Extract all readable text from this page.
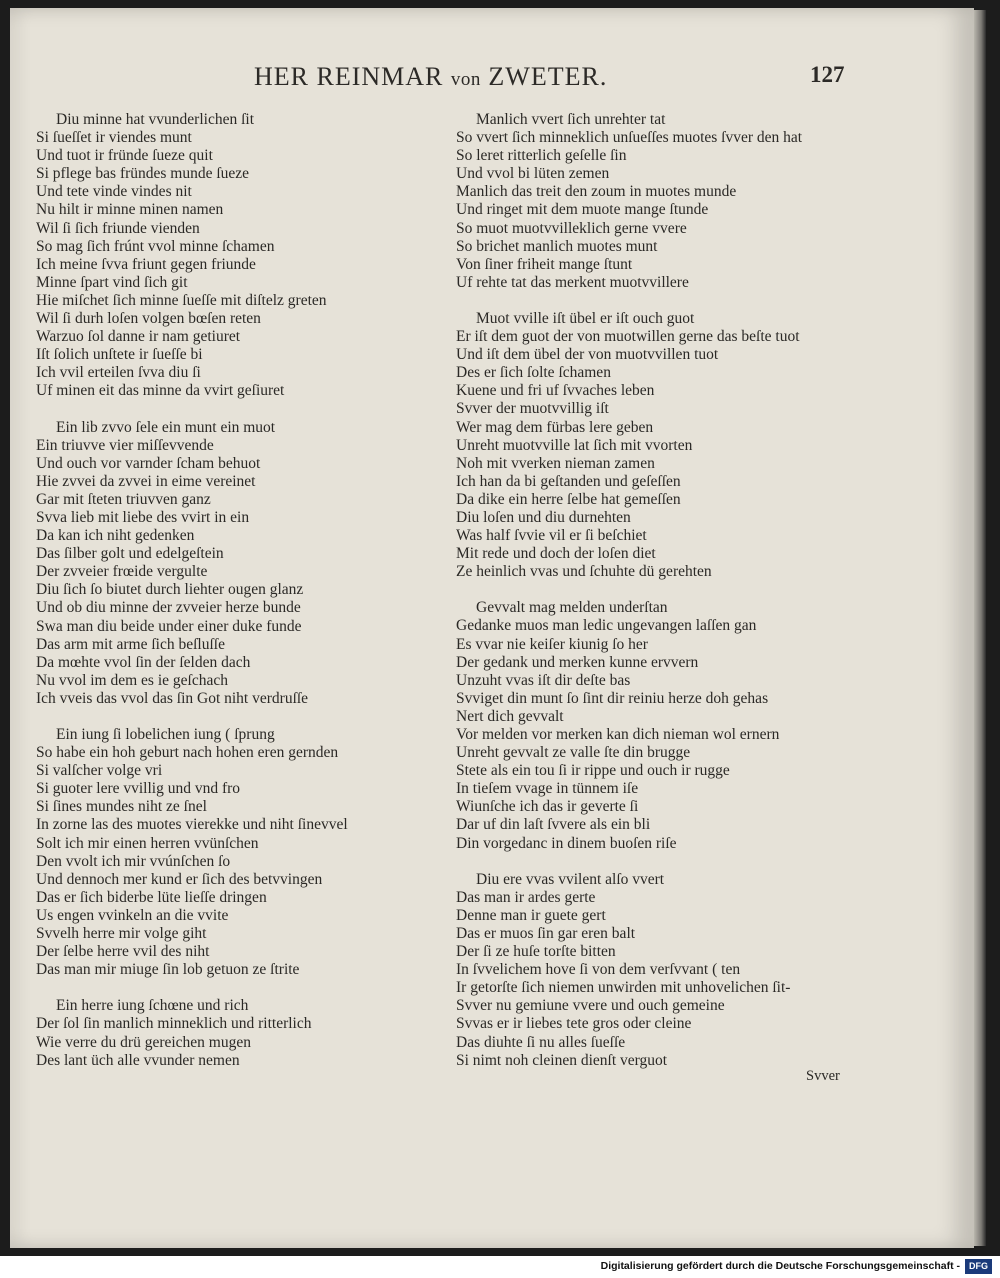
HER REINMAR von ZWETER.	127
Diu minne hat vvunderlichen ſit
Si ſueſſet ir viendes munt
Und tuot ir fründe ſueze quit
Si pflege bas fründes munde ſueze
Und tete vinde vindes nit
Nu hilt ir minne minen namen
Wil ſi ſich friunde vienden
So mag ſich frúnt vvol minne ſchamen
Ich meine ſvva friunt gegen friunde
Minne ſpart vind ſich git
Hie miſchet ſich minne ſueſſe mit diſtelz greten
Wil ſi durh loſen volgen bœſen reten
Warzuo ſol danne ir nam getiuret
Iſt ſolich unſtete ir ſueſſe bi
Ich vvil erteilen ſvva diu ſi
Uf minen eit das minne da vvirt geſiuret
Ein lib zvvo ſele ein munt ein muot
Ein triuvve vier miſſevvende
Und ouch vor varnder ſcham behuot
Hie zvvei da zvvei in eime vereinet
Gar mit ſteten triuvven ganz
Svva lieb mit liebe des vvirt in ein
Da kan ich niht gedenken
Das ſilber golt und edelgeſtein
Der zvveier frœide vergulte
Diu ſich ſo biutet durch liehter ougen glanz
Und ob diu minne der zvveier herze bunde
Swa man diu beide under einer duke funde
Das arm mit arme ſich beſluſſe
Da mœhte vvol ſin der ſelden dach
Nu vvol im dem es ie geſchach
Ich vveis das vvol das ſin Got niht verdruſſe
Ein iung ſi lobelichen iung ( ſprung
So habe ein hoh geburt nach hohen eren gernden
Si valſcher volge vri
Si guoter lere vvillig und vnd fro
Si ſines mundes niht ze ſnel
In zorne las des muotes vierekke und niht ſinevvel
Solt ich mir einen herren vvünſchen
Den vvolt ich mir vvúnſchen ſo
Und dennoch mer kund er ſich des betvvingen
Das er ſich biderbe lüte lieſſe dringen
Us engen vvinkeln an die vvite
Svvelh herre mir volge giht
Der ſelbe herre vvil des niht
Das man mir miuge ſin lob getuon ze ſtrite
Ein herre iung ſchœne und rich
Der ſol ſin manlich minneklich und ritterlich
Wie verre du drü gereichen mugen
Des lant üch alle vvunder nemen
Manlich vvert ſich unrehter tat
So vvert ſich minneklich unſueſſes muotes ſvver den hat
So leret ritterlich geſelle ſin
Und vvol bi lüten zemen
Manlich das treit den zoum in muotes munde
Und ringet mit dem muote mange ſtunde
So muot muotvvilleklich gerne vvere
So brichet manlich muotes munt
Von ſiner friheit mange ſtunt
Uf rehte tat das merkent muotvvillere
Muot vville iſt übel er iſt ouch guot
Er iſt dem guot der von muotwillen gerne das beſte tuot
Und iſt dem übel der von muotvvillen tuot
Des er ſich ſolte ſchamen
Kuene und fri uf ſvvaches leben
Svver der muotvvillig iſt
Wer mag dem fürbas lere geben
Unreht muotvville lat ſich mit vvorten
Noh mit vverken nieman zamen
Ich han da bi geſtanden und geſeſſen
Da dike ein herre ſelbe hat gemeſſen
Diu loſen und diu durnehten
Was half ſvvie vil er ſi beſchiet
Mit rede und doch der loſen diet
Ze heinlich vvas und ſchuhte dü gerehten
Gevvalt mag melden underſtan
Gedanke muos man ledic ungevangen laſſen gan
Es vvar nie keiſer kiunig ſo her
Der gedank und merken kunne ervvern
Unzuht vvas iſt dir deſte bas
Svviget din munt ſo ſint dir reiniu herze doh gehas
Nert dich gevvalt
Vor melden vor merken kan dich nieman wol ernern
Unreht gevvalt ze valle ſte din brugge
Stete als ein tou ſi ir rippe und ouch ir rugge
In tieſem vvage in tünnem iſe
Wiunſche ich das ir geverte ſi
Dar uf din laſt ſvvere als ein bli
Din vorgedanc in dinem buoſen riſe
Diu ere vvas vvilent alſo vvert
Das man ir ardes gerte
Denne man ir guete gert
Das er muos ſin gar eren balt
Der ſi ze huſe torſte bitten
In ſvvelichem hove ſi von dem verſvvant ( ten
Ir getorſte ſich niemen unwirden mit unhovelichen ſit-
Svver nu gemiune vvere und ouch gemeine
Svvas er ir liebes tete gros oder cleine
Das diuhte ſi nu alles ſueſſe
Si nimt noh cleinen dienſt verguot
Svver
Digitalisierung gefördert durch die Deutsche Forschungsgemeinschaft -	DFG
